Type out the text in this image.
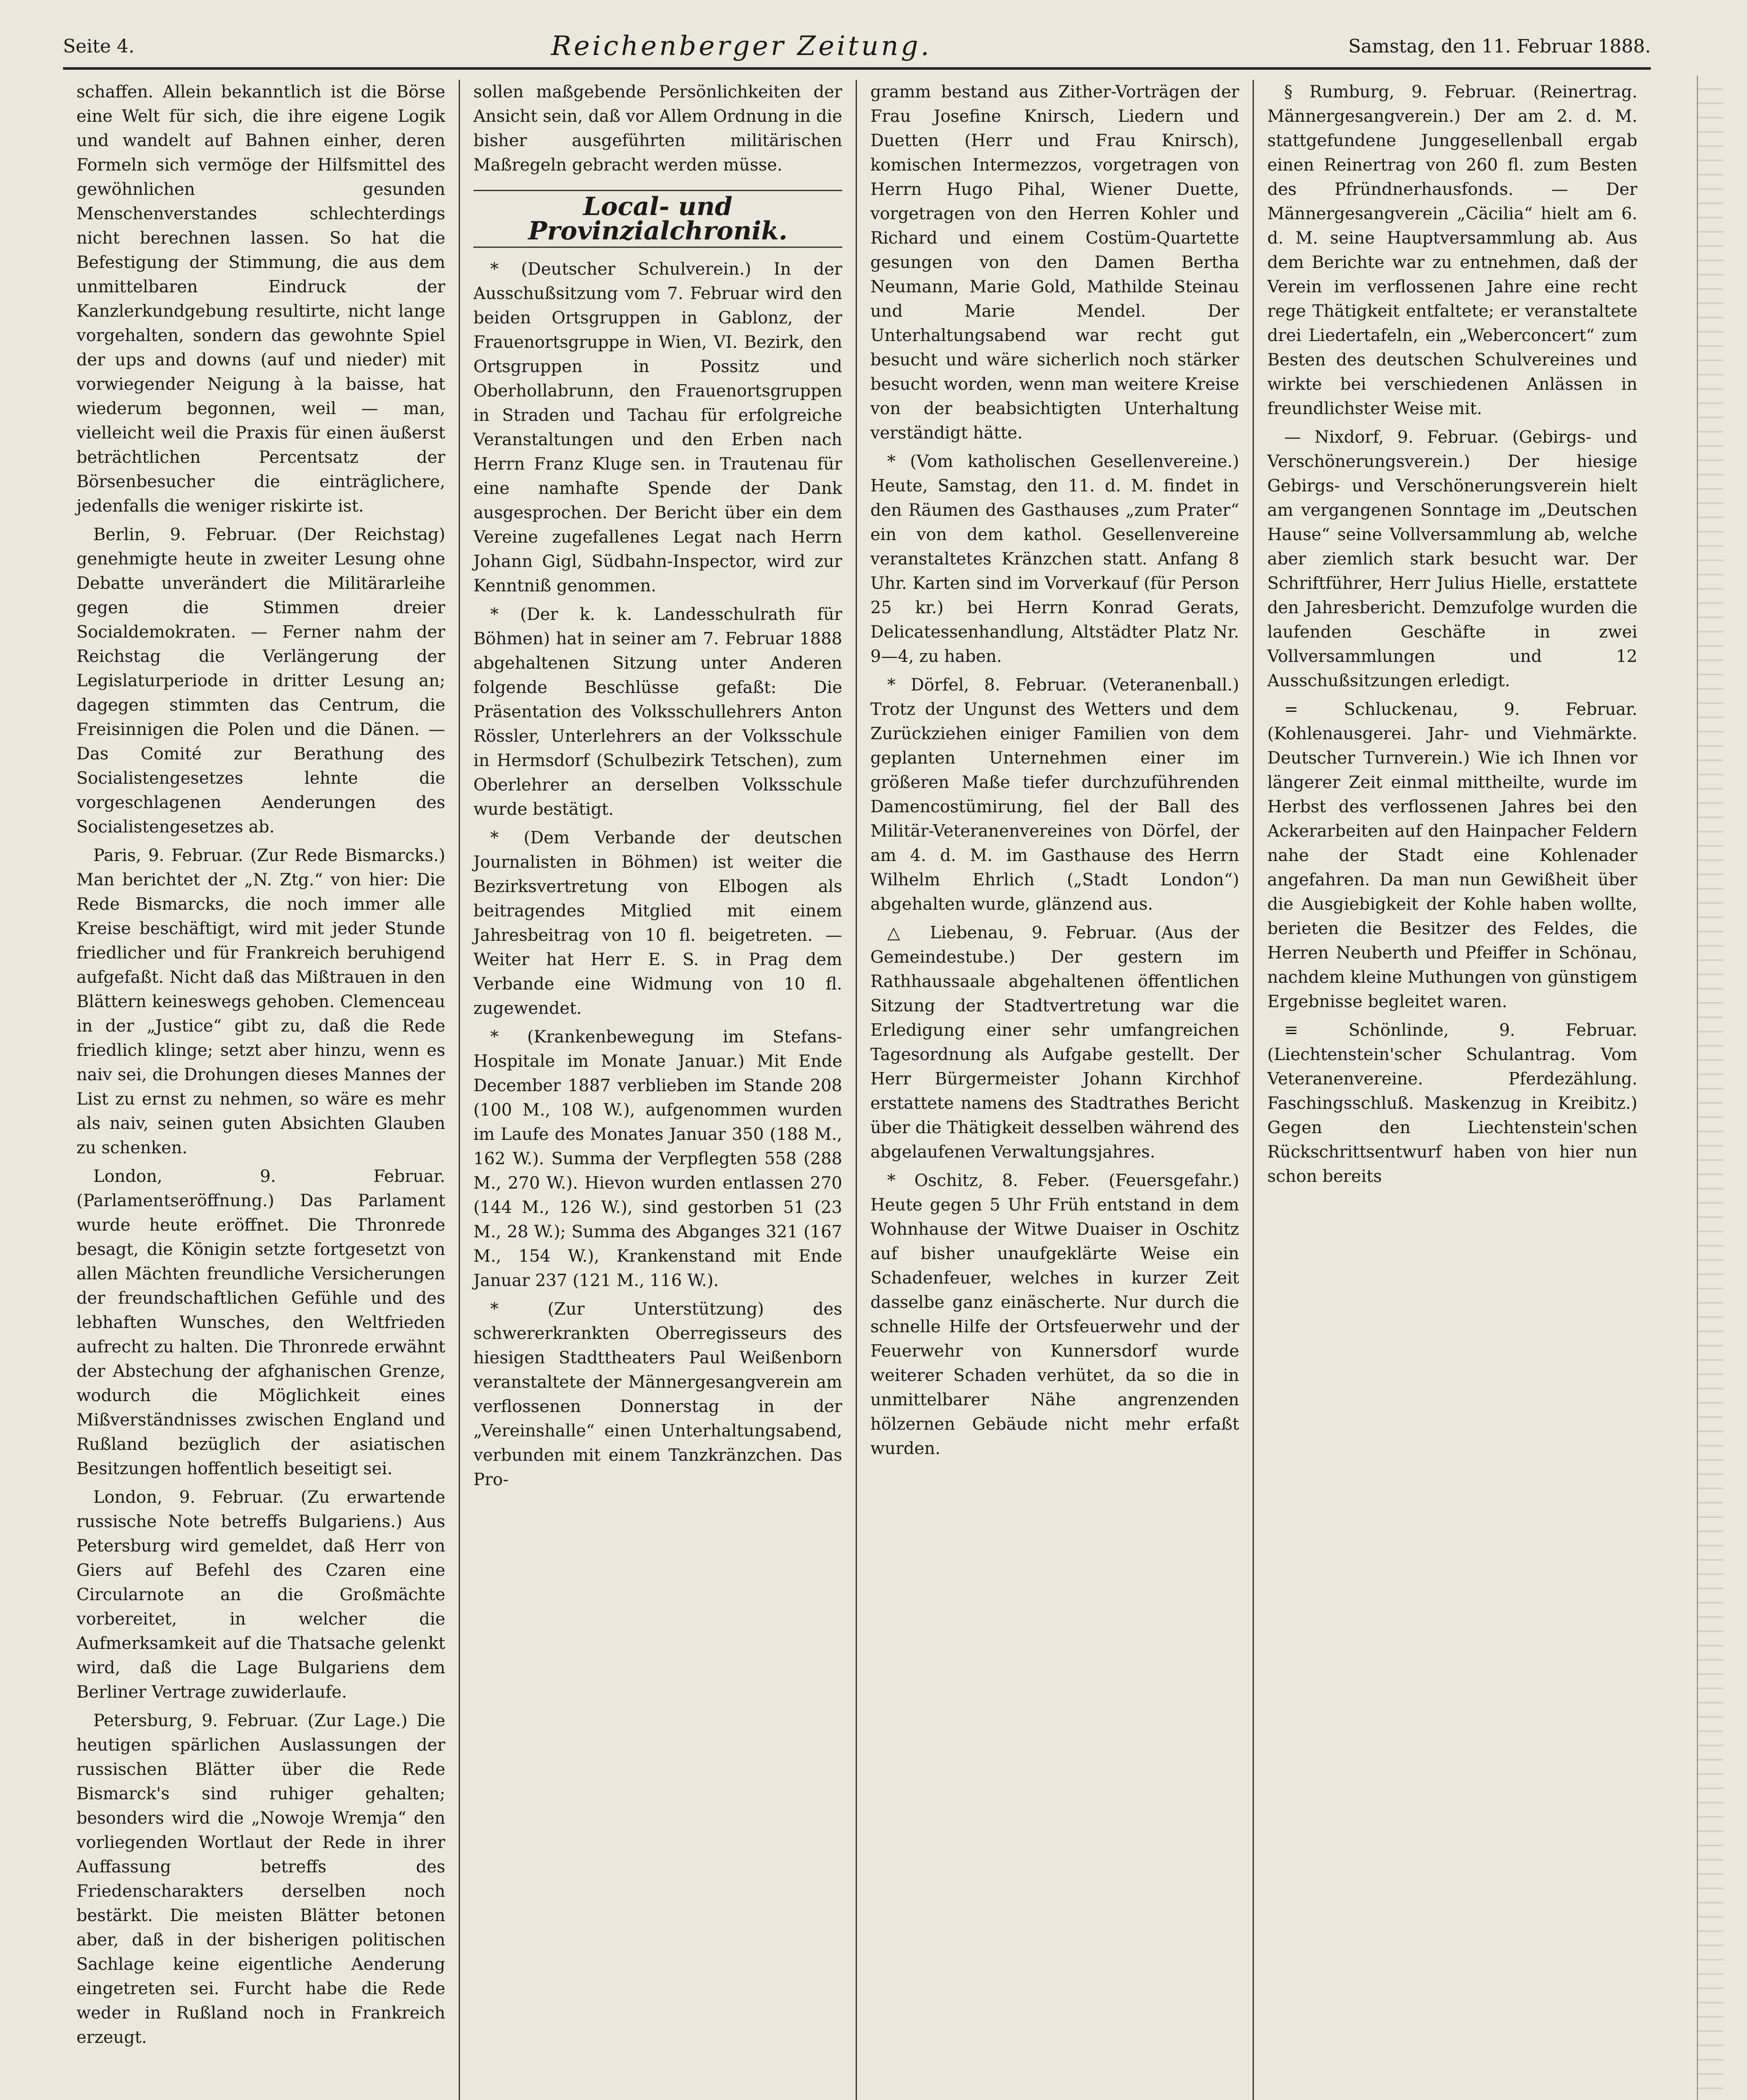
Seite 4.	Reichenberger Zeitung.	Samstag, den 11. Februar 1888.

schaffen. Allein bekanntlich ist die Börse eine Welt für sich, die ihre eigene Logik und wandelt auf Bahnen einher, deren Formeln sich vermöge der Hilfsmittel des gewöhnlichen gesunden Menschenverstandes schlechterdings nicht berechnen lassen. So hat die Befestigung der Stimmung, die aus dem unmittelbaren Eindruck der Kanzlerkundgebung resultirte, nicht lange vorgehalten, sondern das gewohnte Spiel der ups and downs (auf und nieder) mit vorwiegender Neigung à la baisse, hat wiederum begonnen, weil — man, vielleicht weil die Praxis für einen äußerst beträchtlichen Percentsatz der Börsenbesucher die einträglichere, jedenfalls die weniger riskirte ist.

Berlin, 9. Februar. (Der Reichstag) genehmigte heute in zweiter Lesung ohne Debatte unverändert die Militärarleihe gegen die Stimmen dreier Socialdemokraten. — Ferner nahm der Reichstag die Verlängerung der Legislaturperiode in dritter Lesung an; dagegen stimmten das Centrum, die Freisinnigen die Polen und die Dänen. — Das Comité zur Berathung des Socialistengesetzes lehnte die vorgeschlagenen Aenderungen des Socialistengesetzes ab.

Paris, 9. Februar. (Zur Rede Bismarcks.) Man berichtet der „N. Ztg.“ von hier: Die Rede Bismarcks, die noch immer alle Kreise beschäftigt, wird mit jeder Stunde friedlicher und für Frankreich beruhigend aufgefaßt. Nicht daß das Mißtrauen in den Blättern keineswegs gehoben. Clemenceau in der „Justice“ gibt zu, daß die Rede friedlich klinge; setzt aber hinzu, wenn es naiv sei, die Drohungen dieses Mannes der List zu ernst zu nehmen, so wäre es mehr als naiv, seinen guten Absichten Glauben zu schenken.

London, 9. Februar. (Parlamentseröffnung.) Das Parlament wurde heute eröffnet. Die Thronrede besagt, die Königin setzte fortgesetzt von allen Mächten freundliche Versicherungen der freundschaftlichen Gefühle und des lebhaften Wunsches, den Weltfrieden aufrecht zu halten. Die Thronrede erwähnt der Abstechung der afghanischen Grenze, wodurch die Möglichkeit eines Mißverständnisses zwischen England und Rußland bezüglich der asiatischen Besitzungen hoffentlich beseitigt sei.

London, 9. Februar. (Zu erwartende russische Note betreffs Bulgariens.) Aus Petersburg wird gemeldet, daß Herr von Giers auf Befehl des Czaren eine Circularnote an die Großmächte vorbereitet, in welcher die Aufmerksamkeit auf die Thatsache gelenkt wird, daß die Lage Bulgariens dem Berliner Vertrage zuwiderlaufe.

Petersburg, 9. Februar. (Zur Lage.) Die heutigen spärlichen Auslassungen der russischen Blätter über die Rede Bismarck's sind ruhiger gehalten; besonders wird die „Nowoje Wremja“ den vorliegenden Wortlaut der Rede in ihrer Auffassung betreffs des Friedenscharakters derselben noch bestärkt. Die meisten Blätter betonen aber, daß in der bisherigen politischen Sachlage keine eigentliche Aenderung eingetreten sei. Furcht habe die Rede weder in Rußland noch in Frankreich erzeugt.

sollen maßgebende Persönlichkeiten der Ansicht sein, daß vor Allem Ordnung in die bisher ausgeführten militärischen Maßregeln gebracht werden müsse.

Local- und Provinzialchronik.

* (Deutscher Schulverein.) In der Ausschußsitzung vom 7. Februar wird den beiden Ortsgruppen in Gablonz, der Frauenortsgruppe in Wien, VI. Bezirk, den Ortsgruppen in Possitz und Oberhollabrunn, den Frauenortsgruppen in Straden und Tachau für erfolgreiche Veranstaltungen und den Erben nach Herrn Franz Kluge sen. in Trautenau für eine namhafte Spende der Dank ausgesprochen. Der Bericht über ein dem Vereine zugefallenes Legat nach Herrn Johann Gigl, Südbahn-Inspector, wird zur Kenntniß genommen.

* (Der k. k. Landesschulrath für Böhmen) hat in seiner am 7. Februar 1888 abgehaltenen Sitzung unter Anderen folgende Beschlüsse gefaßt: Die Präsentation des Volksschullehrers Anton Rössler, Unterlehrers an der Volksschule in Hermsdorf (Schulbezirk Tetschen), zum Oberlehrer an derselben Volksschule wurde bestätigt.

* (Dem Verbande der deutschen Journalisten in Böhmen) ist weiter die Bezirksvertretung von Elbogen als beitragendes Mitglied mit einem Jahresbeitrag von 10 fl. beigetreten. — Weiter hat Herr E. S. in Prag dem Verbande eine Widmung von 10 fl. zugewendet.

* (Krankenbewegung im Stefans-Hospitale im Monate Januar.) Mit Ende December 1887 verblieben im Stande 208 (100 M., 108 W.), aufgenommen wurden im Laufe des Monates Januar 350 (188 M., 162 W.). Summa der Verpflegten 558 (288 M., 270 W.). Hievon wurden entlassen 270 (144 M., 126 W.), sind gestorben 51 (23 M., 28 W.); Summa des Abganges 321 (167 M., 154 W.), Krankenstand mit Ende Januar 237 (121 M., 116 W.).

* (Zur Unterstützung) des schwererkrankten Oberregisseurs des hiesigen Stadttheaters Paul Weißenborn veranstaltete der Männergesangverein am verflossenen Donnerstag in der „Vereinshalle“ einen Unterhaltungsabend, verbunden mit einem Tanzkränzchen. Das Pro-

gramm bestand aus Zither-Vorträgen der Frau Josefine Knirsch, Liedern und Duetten (Herr und Frau Knirsch), komischen Intermezzos, vorgetragen von Herrn Hugo Pihal, Wiener Duette, vorgetragen von den Herren Kohler und Richard und einem Costüm-Quartette gesungen von den Damen Bertha Neumann, Marie Gold, Mathilde Steinau und Marie Mendel. Der Unterhaltungsabend war recht gut besucht und wäre sicherlich noch stärker besucht worden, wenn man weitere Kreise von der beabsichtigten Unterhaltung verständigt hätte.

* (Vom katholischen Gesellenvereine.) Heute, Samstag, den 11. d. M. findet in den Räumen des Gasthauses „zum Prater“ ein von dem kathol. Gesellenvereine veranstaltetes Kränzchen statt. Anfang 8 Uhr. Karten sind im Vorverkauf (für Person 25 kr.) bei Herrn Konrad Gerats, Delicatessenhandlung, Altstädter Platz Nr. 9—4, zu haben.

* Dörfel, 8. Februar. (Veteranenball.) Trotz der Ungunst des Wetters und dem Zurückziehen einiger Familien von dem geplanten Unternehmen einer im größeren Maße tiefer durchzuführenden Damencostümirung, fiel der Ball des Militär-Veteranenvereines von Dörfel, der am 4. d. M. im Gasthause des Herrn Wilhelm Ehrlich („Stadt London“) abgehalten wurde, glänzend aus.

△ Liebenau, 9. Februar. (Aus der Gemeindestube.) Der gestern im Rathhaussaale abgehaltenen öffentlichen Sitzung der Stadtvertretung war die Erledigung einer sehr umfangreichen Tagesordnung als Aufgabe gestellt. Der Herr Bürgermeister Johann Kirchhof erstattete namens des Stadtrathes Bericht über die Thätigkeit desselben während des abgelaufenen Verwaltungsjahres.

* Oschitz, 8. Feber. (Feuersgefahr.) Heute gegen 5 Uhr Früh entstand in dem Wohnhause der Witwe Duaiser in Oschitz auf bisher unaufgeklärte Weise ein Schadenfeuer, welches in kurzer Zeit dasselbe ganz einäscherte. Nur durch die schnelle Hilfe der Ortsfeuerwehr und der Feuerwehr von Kunnersdorf wurde weiterer Schaden verhütet, da so die in unmittelbarer Nähe angrenzenden hölzernen Gebäude nicht mehr erfaßt wurden.

§ Rumburg, 9. Februar. (Reinertrag. Männergesangverein.) Der am 2. d. M. stattgefundene Junggesellenball ergab einen Reinertrag von 260 fl. zum Besten des Pfründnerhausfonds. — Der Männergesangverein „Cäcilia“ hielt am 6. d. M. seine Hauptversammlung ab. Aus dem Berichte war zu entnehmen, daß der Verein im verflossenen Jahre eine recht rege Thätigkeit entfaltete; er veranstaltete drei Liedertafeln, ein „Weberconcert“ zum Besten des deutschen Schulvereines und wirkte bei verschiedenen Anlässen in freundlichster Weise mit.

— Nixdorf, 9. Februar. (Gebirgs- und Verschönerungsverein.) Der hiesige Gebirgs- und Verschönerungsverein hielt am vergangenen Sonntage im „Deutschen Hause“ seine Vollversammlung ab, welche aber ziemlich stark besucht war. Der Schriftführer, Herr Julius Hielle, erstattete den Jahresbericht. Demzufolge wurden die laufenden Geschäfte in zwei Vollversammlungen und 12 Ausschußsitzungen erledigt.

= Schluckenau, 9. Februar. (Kohlenausgerei. Jahr- und Viehmärkte. Deutscher Turnverein.) Wie ich Ihnen vor längerer Zeit einmal mittheilte, wurde im Herbst des verflossenen Jahres bei den Ackerarbeiten auf den Hainpacher Feldern nahe der Stadt eine Kohlenader angefahren. Da man nun Gewißheit über die Ausgiebigkeit der Kohle haben wollte, berieten die Besitzer des Feldes, die Herren Neuberth und Pfeiffer in Schönau, nachdem kleine Muthungen von günstigem Ergebnisse begleitet waren.

≡ Schönlinde, 9. Februar. (Liechtenstein'scher Schulantrag. Vom Veteranenvereine. Pferdezählung. Faschingsschluß. Maskenzug in Kreibitz.) Gegen den Liechtenstein'schen Rückschrittsentwurf haben von hier nun schon bereits
